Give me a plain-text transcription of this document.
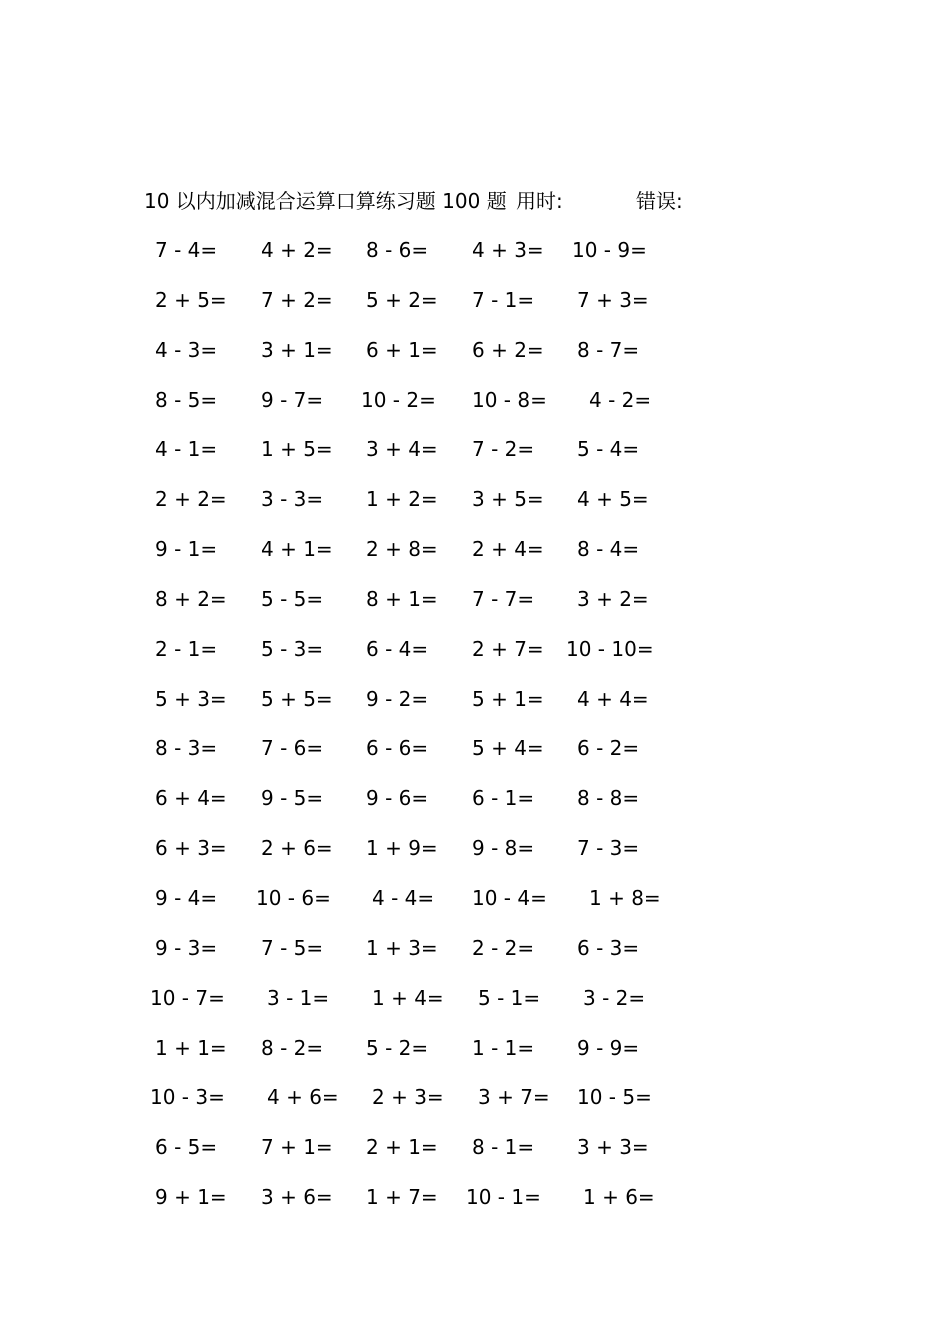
10 以内加减混合运算口算练习题 100 题 用时:	错误:
7 - 4=	4 + 2=	8 - 6=	4 + 3=	10 - 9=
2 + 5=	7 + 2=	5 + 2=	7 - 1=	7 + 3=
4 - 3=	3 + 1=	6 + 1=	6 + 2=	8 - 7=
8 - 5=	9 - 7=	10 - 2=	10 - 8=	4 - 2=
4 - 1=	1 + 5=	3 + 4=	7 - 2=	5 - 4=
2 + 2=	3 - 3=	1 + 2=	3 + 5=	4 + 5=
9 - 1=	4 + 1=	2 + 8=	2 + 4=	8 - 4=
8 + 2=	5 - 5=	8 + 1=	7 - 7=	3 + 2=
2 - 1=	5 - 3=	6 - 4=	2 + 7=	10 - 10=
5 + 3=	5 + 5=	9 - 2=	5 + 1=	4 + 4=
8 - 3=	7 - 6=	6 - 6=	5 + 4=	6 - 2=
6 + 4=	9 - 5=	9 - 6=	6 - 1=	8 - 8=
6 + 3=	2 + 6=	1 + 9=	9 - 8=	7 - 3=
9 - 4=	10 - 6=	4 - 4=	10 - 4=	1 + 8=
9 - 3=	7 - 5=	1 + 3=	2 - 2=	6 - 3=
10 - 7=	3 - 1=	1 + 4=	5 - 1=	3 - 2=
1 + 1=	8 - 2=	5 - 2=	1 - 1=	9 - 9=
10 - 3=	4 + 6=	2 + 3=	3 + 7=	10 - 5=
6 - 5=	7 + 1=	2 + 1=	8 - 1=	3 + 3=
9 + 1=	3 + 6=	1 + 7=	10 - 1=	1 + 6=
